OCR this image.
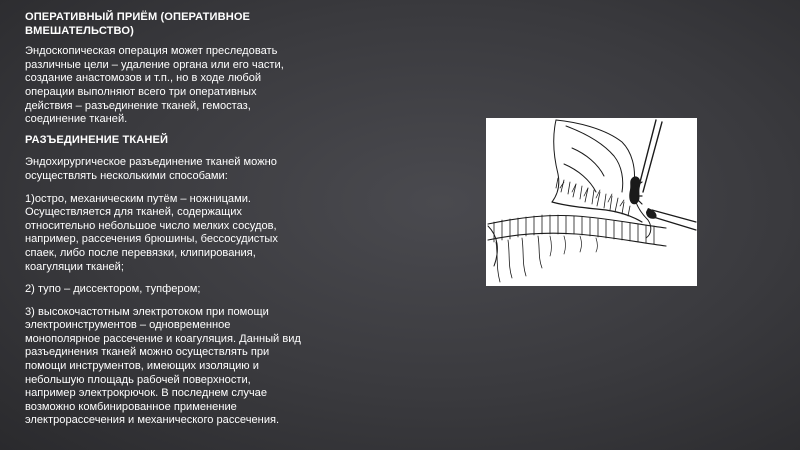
ОПЕРАТИВНЫЙ ПРИЁМ (ОПЕРАТИВНОЕ
ВМЕШАТЕЛЬСТВО)
Эндоскопическая операция может преследовать
различные цели – удаление органа или его части,
создание анастомозов и т.п., но в ходе любой
операции выполняют всего три оперативных
действия – разъединение тканей, гемостаз,
соединение тканей.
РАЗЪЕДИНЕНИЕ ТКАНЕЙ
Эндохирургическое разъединение тканей можно
осуществлять несколькими способами:
1)остро, механическим путём – ножницами.
Осуществляется для тканей, содержащих
относительно небольшое число мелких сосудов,
например, рассечения брюшины, бессосудистых
спаек, либо после перевязки, клипирования,
коагуляции тканей;
2) тупо – диссектором, тупфером;
3) высокочастотным электротоком при помощи
электроинструментов – одновременное
монополярное рассечение и коагуляция. Данный вид
разъединения тканей можно осуществлять при
помощи инструментов, имеющих изоляцию и
небольшую площадь рабочей поверхности,
например электрокрючок. В последнем случае
возможно комбинированное применение
электрорассечения и механического рассечения.
